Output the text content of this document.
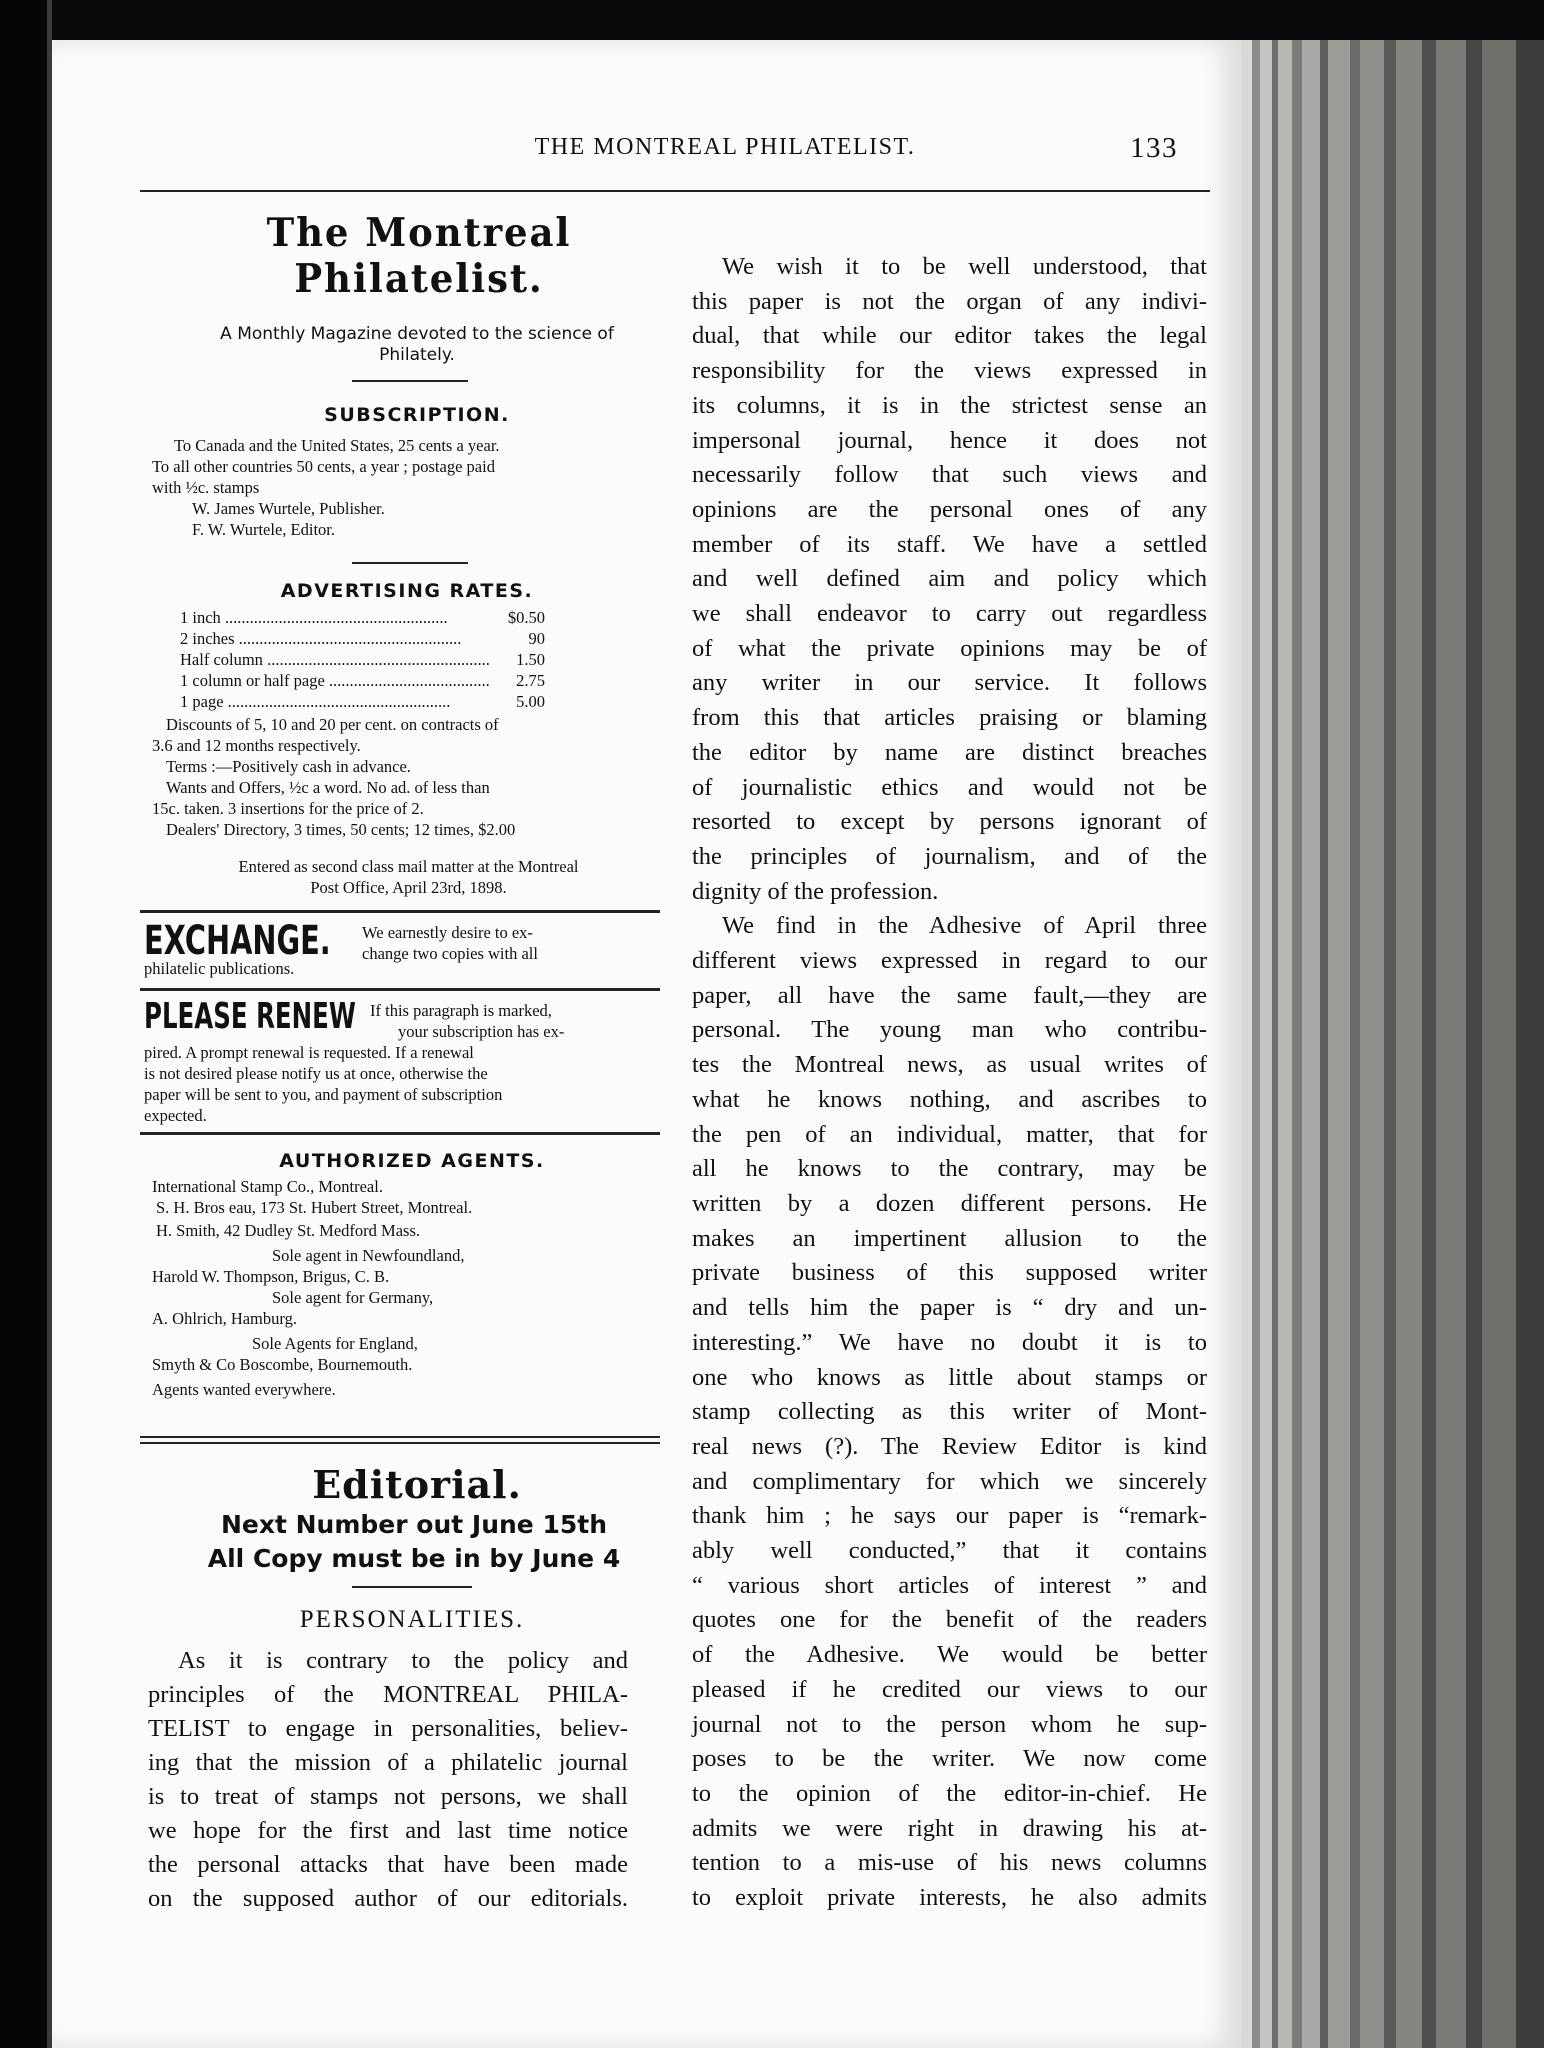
THE MONTREAL PHILATELIST.	133
The Montreal Philatelist.
A Monthly Magazine devoted to the science of
Philately.
SUBSCRIPTION.
To Canada and the United States, 25 cents a year.
To all other countries 50 cents, a year ; postage paid
with ½c. stamps
W. James Wurtele, Publisher.
F. W. Wurtele, Editor.
ADVERTISING RATES.
1 inch .....	$0.50
2 inches .....	90
Half column .....	1.50
1 column or half page .....	2.75
1 page .....	5.00
Discounts of 5, 10 and 20 per cent. on contracts of
3.6 and 12 months respectively.
Terms :—Positively cash in advance.
Wants and Offers, ½c a word. No ad. of less than
15c. taken. 3 insertions for the price of 2.
Dealers' Directory, 3 times, 50 cents; 12 times, $2.00
Entered as second class mail matter at the Montreal
Post Office, April 23rd, 1898.
EXCHANGE. We earnestly desire to ex-
change two copies with all
philatelic publications.
PLEASE RENEW If this paragraph is marked,
your subscription has ex-
pired. A prompt renewal is requested. If a renewal
is not desired please notify us at once, otherwise the
paper will be sent to you, and payment of subscription
expected.
AUTHORIZED AGENTS.
International Stamp Co., Montreal.
S. H. Bros eau, 173 St. Hubert Street, Montreal.
H. Smith, 42 Dudley St. Medford Mass.
Sole agent in Newfoundland,
Harold W. Thompson, Brigus, C. B.
Sole agent for Germany,
A. Ohlrich, Hamburg.
Sole Agents for England,
Smyth & Co Boscombe, Bournemouth.
Agents wanted everywhere.
Editorial.
Next Number out June 15th
All Copy must be in by June 4
PERSONALITIES.
As it is contrary to the policy and
principles of the MONTREAL PHILA-
TELIST to engage in personalities, believ-
ing that the mission of a philatelic journal
is to treat of stamps not persons, we shall
we hope for the first and last time notice
the personal attacks that have been made
on the supposed author of our editorials.
We wish it to be well understood, that
this paper is not the organ of any indivi-
dual, that while our editor takes the legal
responsibility for the views expressed in
its columns, it is in the strictest sense an
impersonal journal, hence it does not
necessarily follow that such views and
opinions are the personal ones of any
member of its staff. We have a settled
and well defined aim and policy which
we shall endeavor to carry out regardless
of what the private opinions may be of
any writer in our service. It follows
from this that articles praising or blaming
the editor by name are distinct breaches
of journalistic ethics and would not be
resorted to except by persons ignorant of
the principles of journalism, and of the
dignity of the profession.
We find in the Adhesive of April three
different views expressed in regard to our
paper, all have the same fault,—they are
personal. The young man who contribu-
tes the Montreal news, as usual writes of
what he knows nothing, and ascribes to
the pen of an individual, matter, that for
all he knows to the contrary, may be
written by a dozen different persons. He
makes an impertinent allusion to the
private business of this supposed writer
and tells him the paper is “ dry and un-
interesting.” We have no doubt it is to
one who knows as little about stamps or
stamp collecting as this writer of Mont-
real news (?). The Review Editor is kind
and complimentary for which we sincerely
thank him ; he says our paper is “remark-
ably well conducted,” that it contains
“ various short articles of interest ” and
quotes one for the benefit of the readers
of the Adhesive. We would be better
pleased if he credited our views to our
journal not to the person whom he sup-
poses to be the writer. We now come
to the opinion of the editor-in-chief. He
admits we were right in drawing his at-
tention to a mis-use of his news columns
to exploit private interests, he also admits
